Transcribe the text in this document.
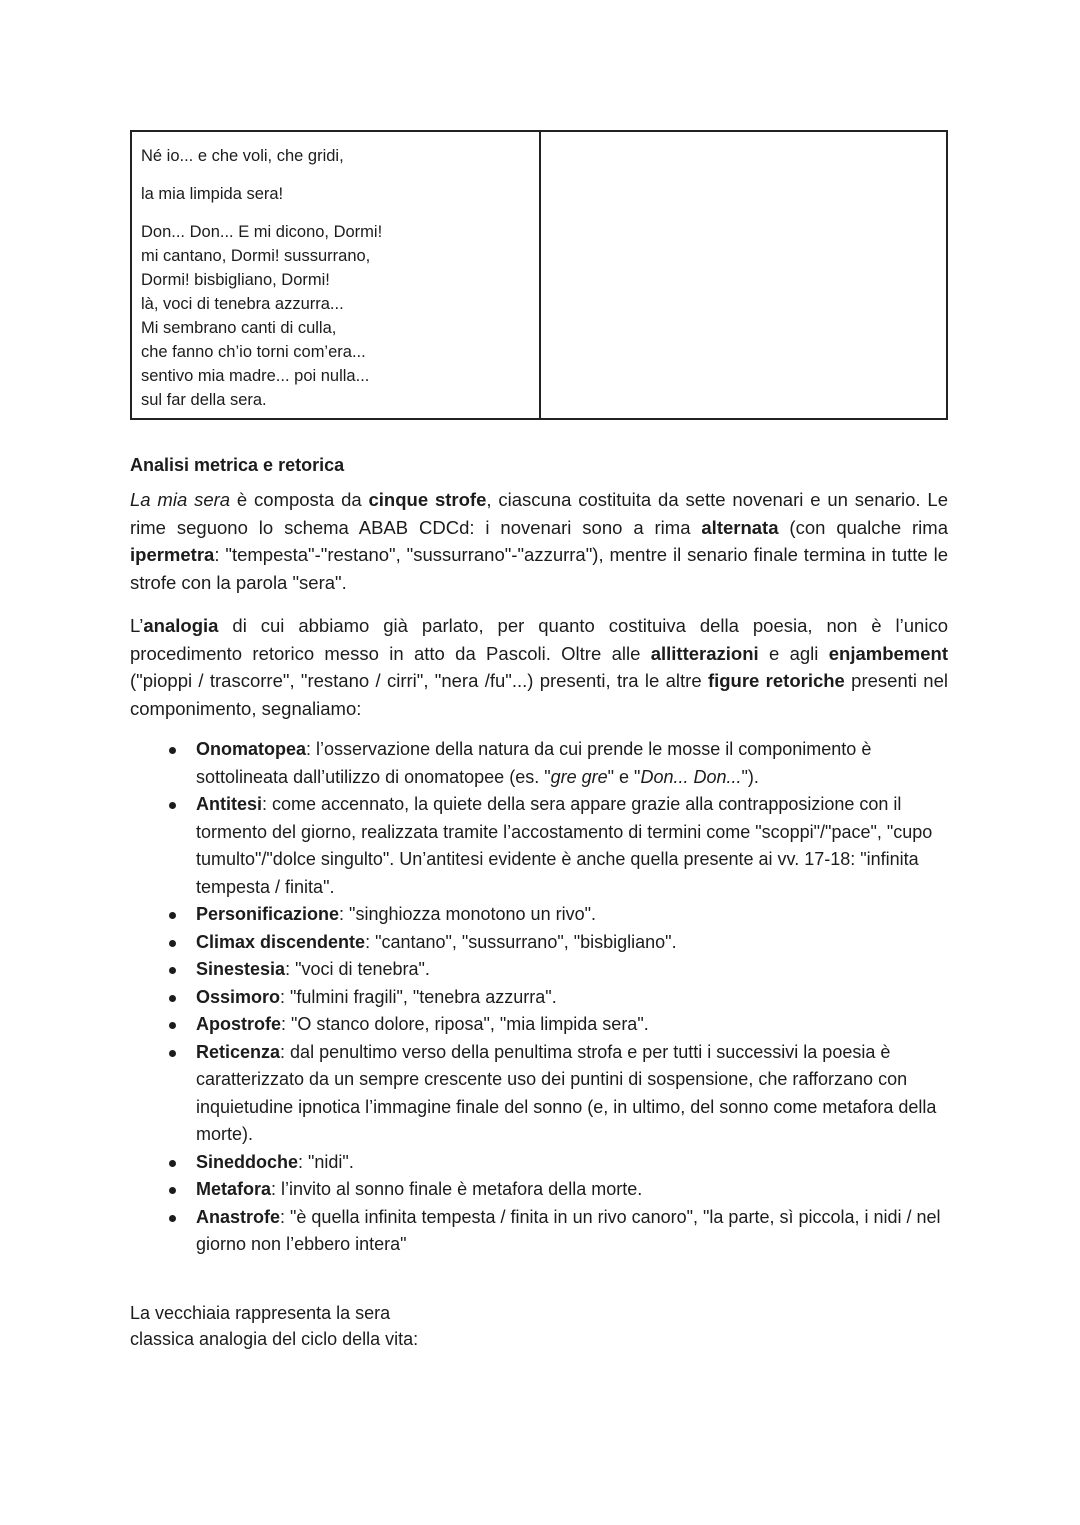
Né io... e che voli, che gridi,
la mia limpida sera!
Don... Don... E mi dicono, Dormi!
mi cantano, Dormi! sussurrano,
Dormi! bisbigliano, Dormi!
là, voci di tenebra azzurra...
Mi sembrano canti di culla,
che fanno ch’io torni com’era...
sentivo mia madre... poi nulla...
sul far della sera.
Analisi metrica e retorica

La mia sera è composta da cinque strofe, ciascuna costituita da sette novenari e un senario. Le rime seguono lo schema ABAB CDCd: i novenari sono a rima alternata (con qualche rima ipermetra: "tempesta"-"restano", "sussurrano"-"azzurra"), mentre il senario finale termina in tutte le strofe con la parola "sera".

L’analogia di cui abbiamo già parlato, per quanto costituiva della poesia, non è l’unico procedimento retorico messo in atto da Pascoli. Oltre alle allitterazioni e agli enjambement ("pioppi / trascorre", "restano / cirri", "nera /fu"...) presenti, tra le altre figure retoriche presenti nel componimento, segnaliamo:

Onomatopea: l’osservazione della natura da cui prende le mosse il componimento è sottolineata dall’utilizzo di onomatopee (es. "gre gre" e "Don... Don...").
Antitesi: come accennato, la quiete della sera appare grazie alla contrapposizione con il tormento del giorno, realizzata tramite l’accostamento di termini come "scoppi"/"pace", "cupo tumulto"/"dolce singulto". Un’antitesi evidente è anche quella presente ai vv. 17-18: "infinita tempesta / finita".
Personificazione: "singhiozza monotono un rivo".
Climax discendente: "cantano", "sussurrano", "bisbigliano".
Sinestesia: "voci di tenebra".
Ossimoro: "fulmini fragili", "tenebra azzurra".
Apostrofe: "O stanco dolore, riposa", "mia limpida sera".
Reticenza: dal penultimo verso della penultima strofa e per tutti i successivi la poesia è caratterizzato da un sempre crescente uso dei puntini di sospensione, che rafforzano con inquietudine ipnotica l’immagine finale del sonno (e, in ultimo, del sonno come metafora della morte).
Sineddoche: "nidi".
Metafora: l’invito al sonno finale è metafora della morte.
Anastrofe: "è quella infinita tempesta / finita in un rivo canoro", "la parte, sì piccola, i nidi / nel giorno non l’ebbero intera"

La vecchiaia rappresenta la sera
classica analogia del ciclo della vita:
